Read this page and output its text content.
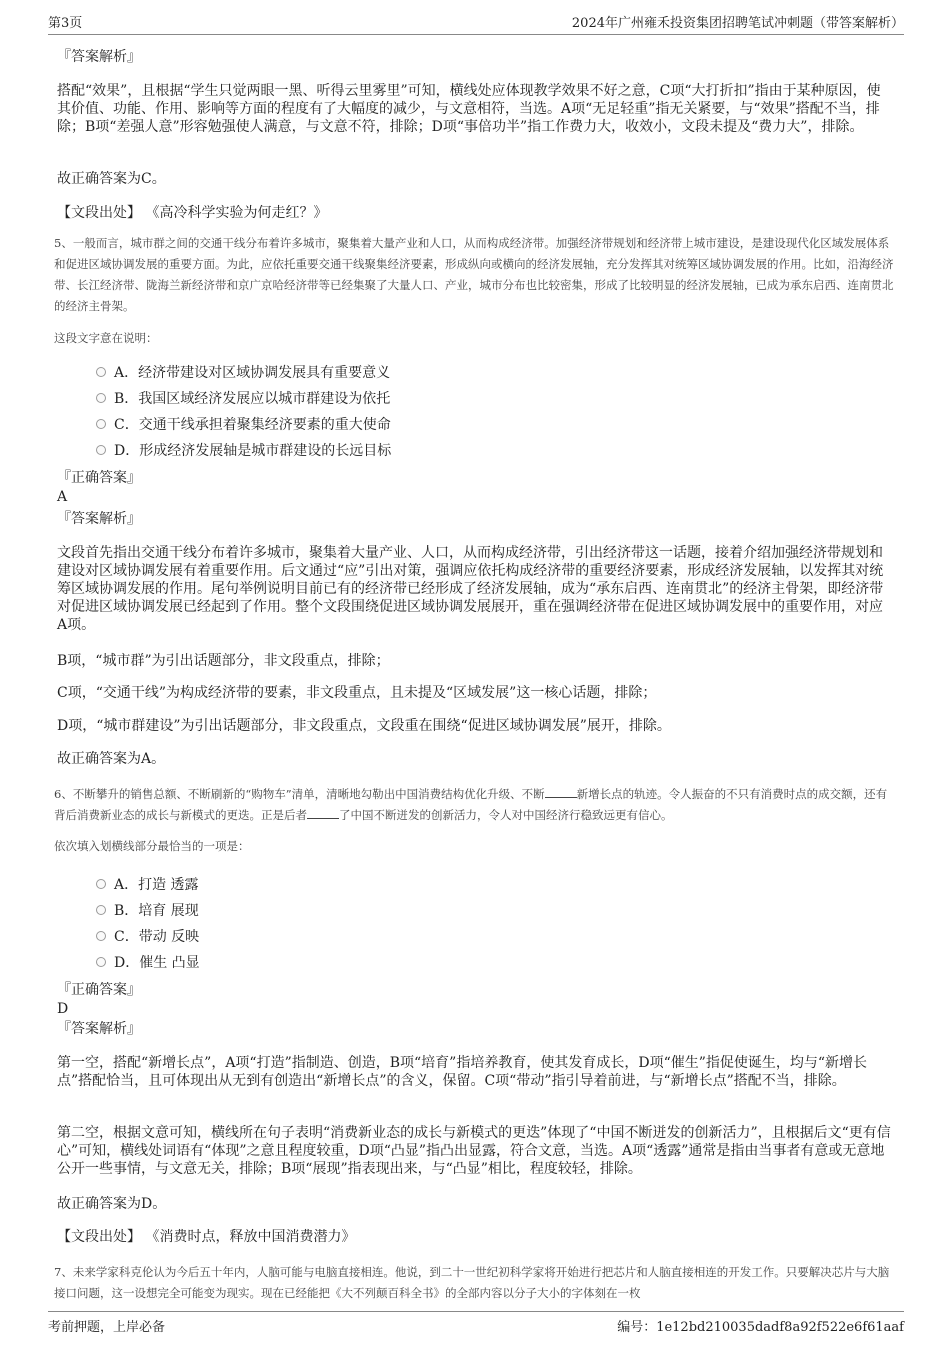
第3页	2024年广州雍禾投资集团招聘笔试冲刺题（带答案解析）
『答案解析』

搭配“效果”，且根据“学生只觉两眼一黑、听得云里雾里”可知，横线处应体现教学效果不好之意，C项“大打折扣”指由于某种原因，使其价值、功能、作用、影响等方面的程度有了大幅度的减少，与文意相符，当选。A项“无足轻重”指无关紧要，与“效果”搭配不当，排除；B项“差强人意”形容勉强使人满意，与文意不符，排除；D项“事倍功半”指工作费力大，收效小，文段未提及“费力大”，排除。

故正确答案为C。

【文段出处】 《高冷科学实验为何走红？》

5、一般而言，城市群之间的交通干线分布着许多城市，聚集着大量产业和人口，从而构成经济带。加强经济带规划和经济带上城市建设，是建设现代化区域发展体系和促进区域协调发展的重要方面。为此，应依托重要交通干线聚集经济要素，形成纵向或横向的经济发展轴，充分发挥其对统筹区域协调发展的作用。比如，沿海经济带、长江经济带、陇海兰新经济带和京广京哈经济带等已经集聚了大量人口、产业，城市分布也比较密集，形成了比较明显的经济发展轴，已成为承东启西、连南贯北的经济主骨架。

这段文字意在说明：
A．经济带建设对区域协调发展具有重要意义
B．我国区域经济发展应以城市群建设为依托
C．交通干线承担着聚集经济要素的重大使命
D．形成经济发展轴是城市群建设的长远目标
『正确答案』
A
『答案解析』

文段首先指出交通干线分布着许多城市，聚集着大量产业、人口，从而构成经济带，引出经济带这一话题，接着介绍加强经济带规划和建设对区域协调发展有着重要作用。后文通过“应”引出对策，强调应依托构成经济带的重要经济要素，形成经济发展轴，以发挥其对统筹区域协调发展的作用。尾句举例说明目前已有的经济带已经形成了经济发展轴，成为“承东启西、连南贯北”的经济主骨架，即经济带对促进区域协调发展已经起到了作用。整个文段围绕促进区域协调发展展开，重在强调经济带在促进区域协调发展中的重要作用，对应A项。

B项，“城市群”为引出话题部分，非文段重点，排除；

C项，“交通干线”为构成经济带的要素，非文段重点，且未提及“区域发展”这一核心话题，排除；

D项，“城市群建设”为引出话题部分，非文段重点，文段重在围绕“促进区域协调发展”展开，排除。

故正确答案为A。

6、不断攀升的销售总额、不断刷新的“购物车”清单，清晰地勾勒出中国消费结构优化升级、不断	新增长点的轨迹。令人振奋的不只有消费时点的成交额，还有背后消费新业态的成长与新模式的更迭。正是后者	了中国不断迸发的创新活力，令人对中国经济行稳致远更有信心。

依次填入划横线部分最恰当的一项是：
A．打造 透露
B．培育 展现
C．带动 反映
D．催生 凸显
『正确答案』
D
『答案解析』

第一空，搭配“新增长点”，A项“打造”指制造、创造，B项“培育”指培养教育，使其发育成长，D项“催生”指促使诞生，均与“新增长点”搭配恰当，且可体现出从无到有创造出“新增长点”的含义，保留。C项“带动”指引导着前进，与“新增长点”搭配不当，排除。

第二空，根据文意可知，横线所在句子表明“消费新业态的成长与新模式的更迭”体现了“中国不断迸发的创新活力”，且根据后文“更有信心”可知，横线处词语有“体现”之意且程度较重，D项“凸显”指凸出显露，符合文意，当选。A项“透露”通常是指由当事者有意或无意地公开一些事情，与文意无关，排除；B项“展现”指表现出来，与“凸显”相比，程度较轻，排除。

故正确答案为D。

【文段出处】 《消费时点，释放中国消费潜力》

7、未来学家科克伦认为今后五十年内，人脑可能与电脑直接相连。他说，到二十一世纪初科学家将开始进行把芯片和人脑直接相连的开发工作。只要解决芯片与大脑接口问题，这一设想完全可能变为现实。现在已经能把《大不列颠百科全书》的全部内容以分子大小的字体刻在一枚

考前押题，上岸必备	编号：1e12bd210035dadf8a92f522e6f61aaf
